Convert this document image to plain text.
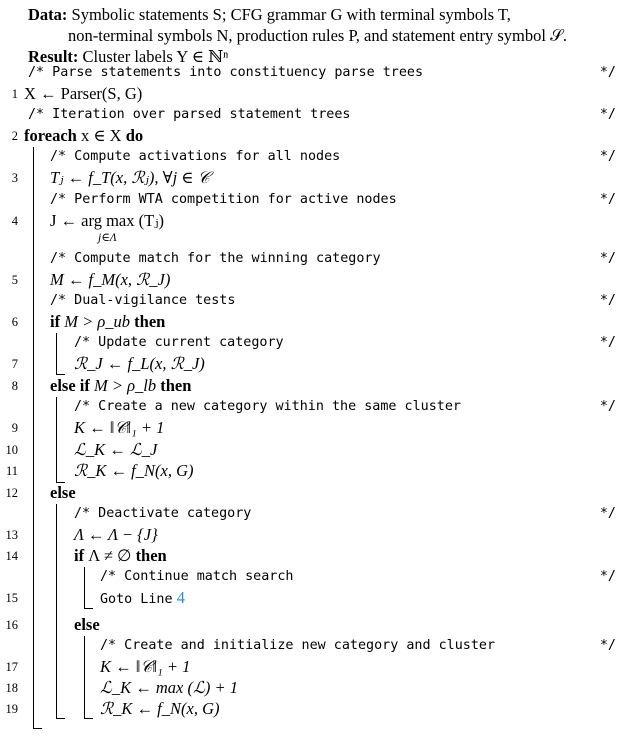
Data: Symbolic statements S; CFG grammar G with terminal symbols T,
non-terminal symbols N, production rules P, and statement entry symbol 𝒮.
Result: Cluster labels Y ∈ ℕⁿ
/* Parse statements into constituency parse trees	*/
1 X ← Parser(S, G)
/* Iteration over parsed statement trees	*/
2 foreach x ∈ X do
/* Compute activations for all nodes	*/
3 Tⱼ ← f_T(x, ℛⱼ), ∀j ∈ 𝒞
/* Perform WTA competition for active nodes	*/
4 J ← arg max (Tⱼ)
j∈Λ
/* Compute match for the winning category	*/
5 M ← f_M(x, ℛ_J)
/* Dual-vigilance tests	*/
6 if M > ρ_ub then
/* Update current category	*/
7	ℛ_J ← f_L(x, ℛ_J)
8 else if M > ρ_lb then
/* Create a new category within the same cluster	*/
9	K ← ‖𝒞‖₁ + 1
10	ℒ_K ← ℒ_J
11	ℛ_K ← f_N(x, G)
12 else
/* Deactivate category	*/
13	Λ ← Λ − {J}
14	if Λ ≠ ∅ then
/* Continue match search	*/
15	Goto Line 4
16	else
/* Create and initialize new category and cluster	*/
17	K ← ‖𝒞‖₁ + 1
18	ℒ_K ← max (ℒ) + 1
19	ℛ_K ← f_N(x, G)
